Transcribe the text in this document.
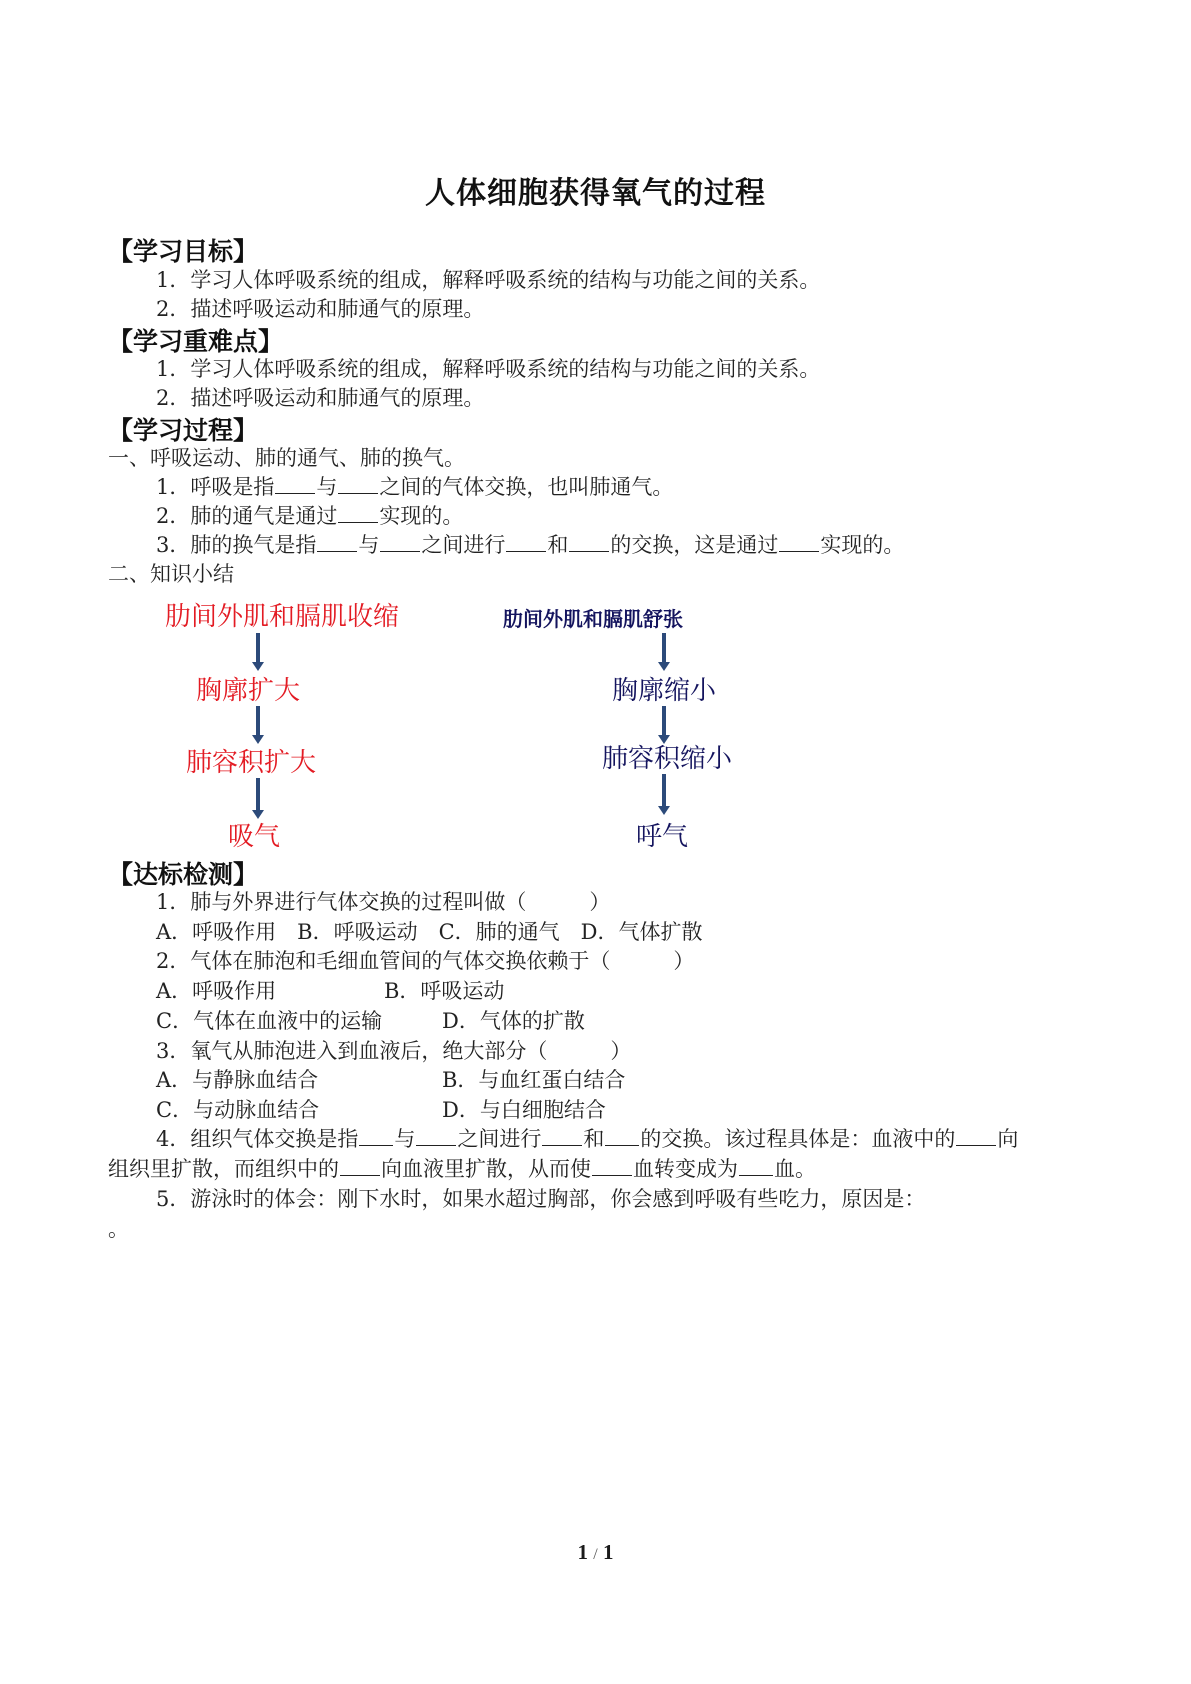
人体细胞获得氧气的过程
【学习目标】
1．学习人体呼吸系统的组成，解释呼吸系统的结构与功能之间的关系。
2．描述呼吸运动和肺通气的原理。
【学习重难点】
1．学习人体呼吸系统的组成，解释呼吸系统的结构与功能之间的关系。
2．描述呼吸运动和肺通气的原理。
【学习过程】
一、呼吸运动、肺的通气、肺的换气。
1．呼吸是指 与 之间的气体交换，也叫肺通气。
2．肺的通气是通过 实现的。
3．肺的换气是指 与 之间进行 和 的交换，这是通过 实现的。
二、知识小结
肋间外肌和膈肌收缩
胸廓扩大
肺容积扩大
吸气
肋间外肌和膈肌舒张
胸廓缩小
肺容积缩小
呼气
【达标检测】
1．肺与外界进行气体交换的过程叫做（　　　）
A．呼吸作用　B．呼吸运动　C．肺的通气　D．气体扩散
2．气体在肺泡和毛细血管间的气体交换依赖于（　　　）
A．呼吸作用	B．呼吸运动
C．气体在血液中的运输	D．气体的扩散
3．氧气从肺泡进入到血液后，绝大部分（　　　）
A．与静脉血结合	B．与血红蛋白结合
C．与动脉血结合	D．与白细胞结合
4．组织气体交换是指 与 之间进行 和 的交换。该过程具体是：血液中的 向
组织里扩散，而组织中的 向血液里扩散，从而使 血转变成为 血。
5．游泳时的体会：刚下水时，如果水超过胸部，你会感到呼吸有些吃力，原因是：
。
1 / 1
